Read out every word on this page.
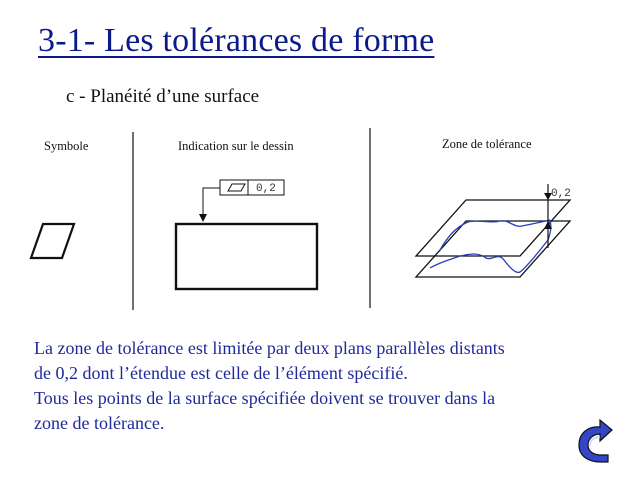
3-1- Les tolérances de forme
c - Planéité d’une surface
Symbole	Indication sur le dessin	Zone de tolérance
0,2	0,2
La zone de tolérance est limitée par deux plans parallèles distants
de 0,2 dont l’étendue est celle de l’élément spécifié.
Tous les points de la surface spécifiée doivent se trouver dans la
zone de tolérance.
